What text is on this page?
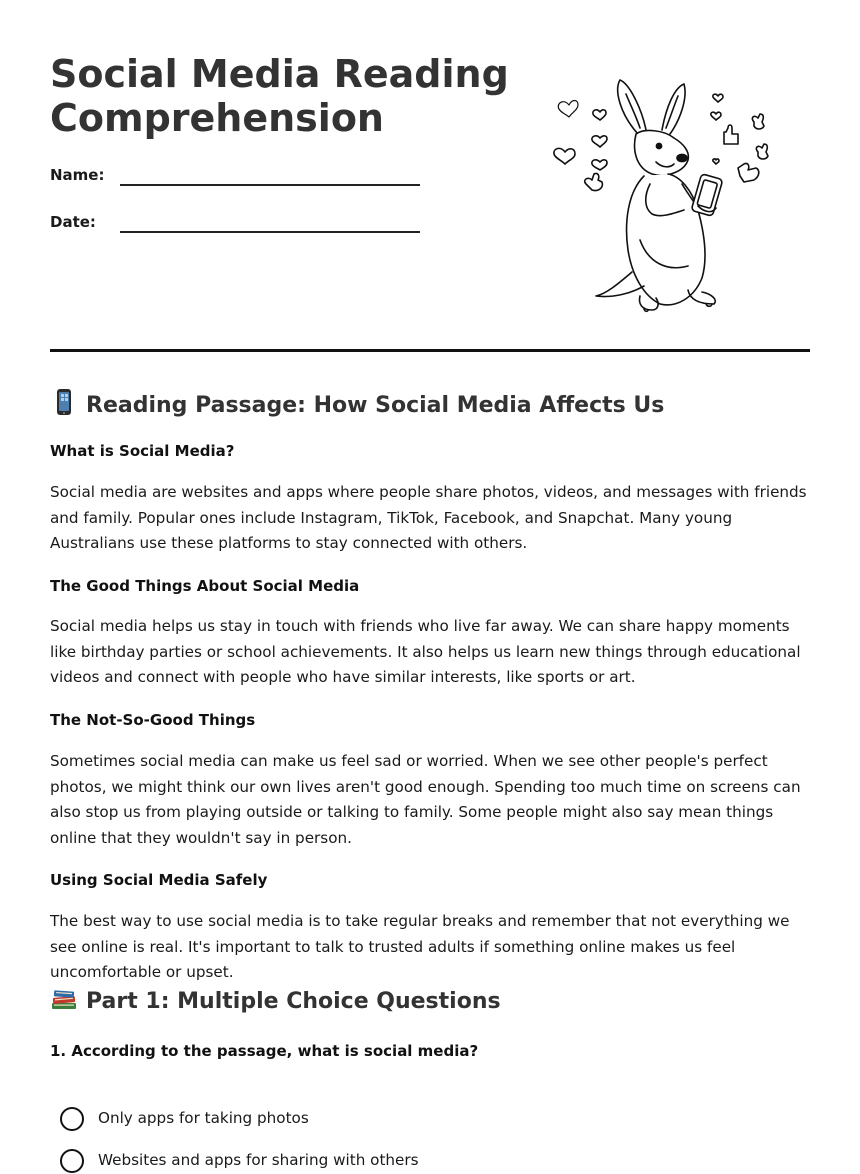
Social Media Reading Comprehension
Name:
Date:
Reading Passage: How Social Media Affects Us
What is Social Media?

Social media are websites and apps where people share photos, videos, and messages with friends and family. Popular ones include Instagram, TikTok, Facebook, and Snapchat. Many young Australians use these platforms to stay connected with others.

The Good Things About Social Media

Social media helps us stay in touch with friends who live far away. We can share happy moments like birthday parties or school achievements. It also helps us learn new things through educational videos and connect with people who have similar interests, like sports or art.

The Not-So-Good Things

Sometimes social media can make us feel sad or worried. When we see other people's perfect photos, we might think our own lives aren't good enough. Spending too much time on screens can also stop us from playing outside or talking to family. Some people might also say mean things online that they wouldn't say in person.

Using Social Media Safely

The best way to use social media is to take regular breaks and remember that not everything we see online is real. It's important to talk to trusted adults if something online makes us feel uncomfortable or upset.

Part 1: Multiple Choice Questions
1. According to the passage, what is social media?
Only apps for taking photos
Websites and apps for sharing with others
